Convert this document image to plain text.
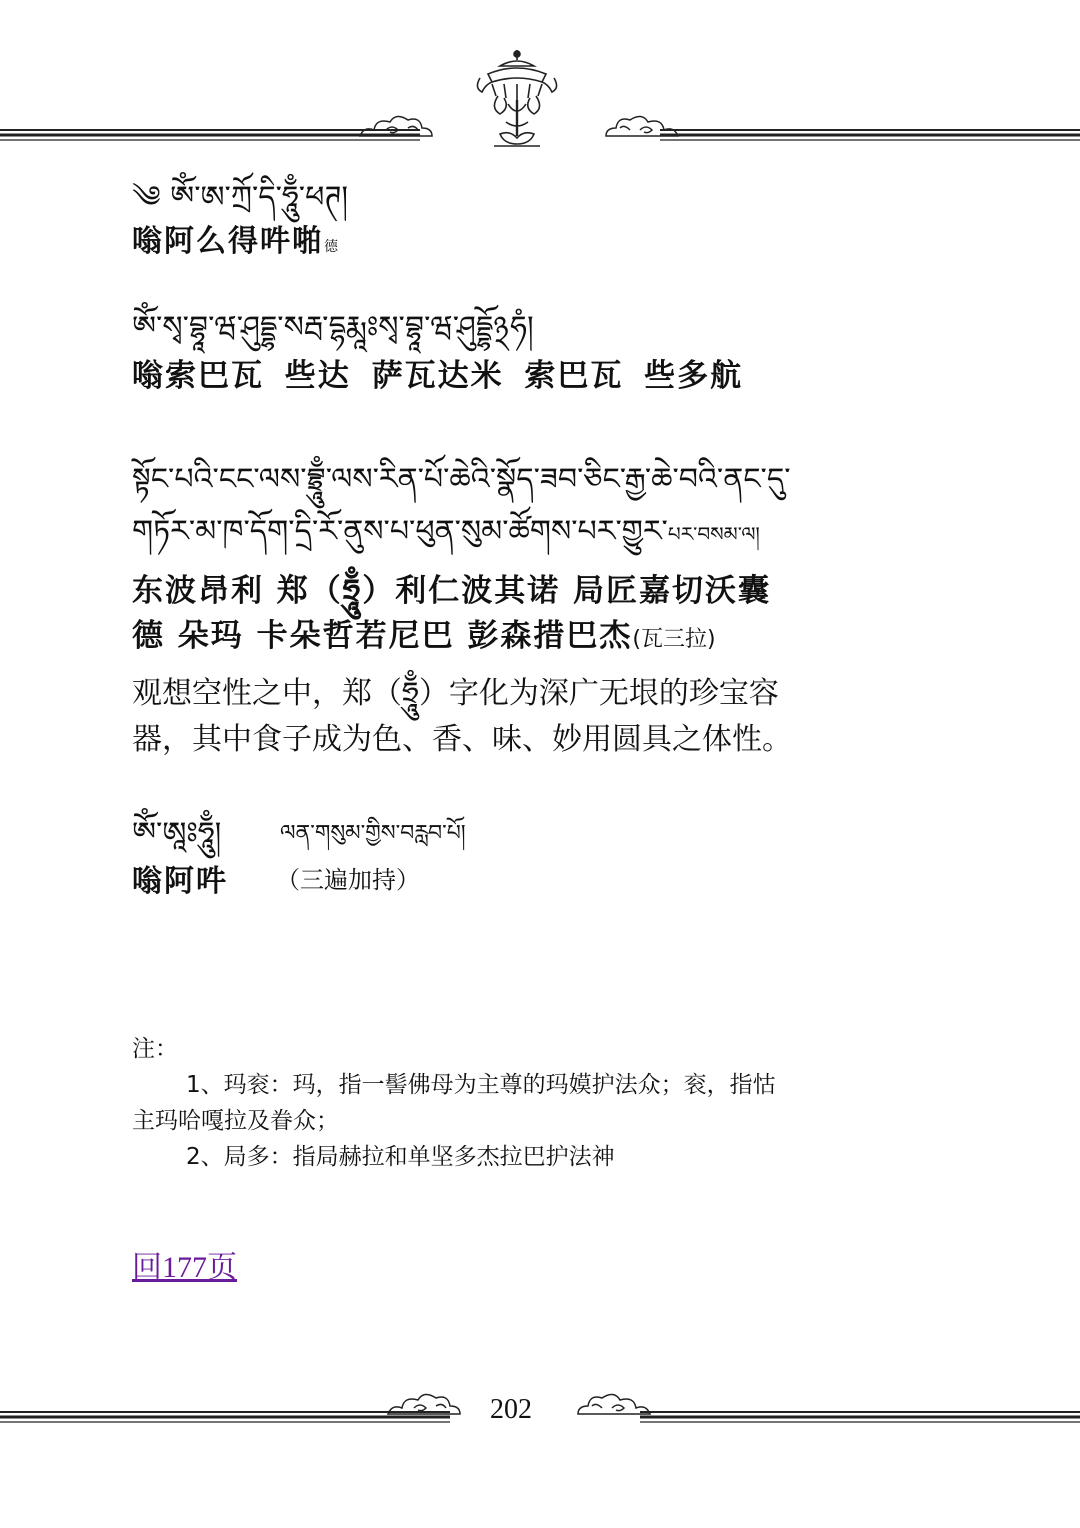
༄ ཨོཾ་ཨ་ཀྲོ་དི་ཧཱུྃ་ཕཊ།
嗡阿么得吽啪德
ཨོཾ་སྭ་བྷཱ་ཝ་ཤུདྡྷ་སརྦ་དྷརྨཱཿསྭ་བྷཱ་ཝ་ཤུདྡྷོ྅ཧཾ།
嗡索巴瓦 些达 萨瓦达米 索巴瓦 些多航
སྟོང་པའི་ངང་ལས་བྷྲཱུྃ་ལས་རིན་པོ་ཆེའི་སྣོད་ཟབ་ཅིང་རྒྱ་ཆེ་བའི་ནང་དུ་
གཏོར་མ་ཁ་དོག་དྲི་རོ་ནུས་པ་ཕུན་སུམ་ཚོགས་པར་གྱུར་པར་བསམ་ལ།
东波昂利 郑（ཧྲཱུྃ）利仁波其诺 局匠嘉切沃囊
德 朵玛 卡朵哲若尼巴 彭森措巴杰(瓦三拉)
观想空性之中，郑（ཧྲཱུྃ）字化为深广无垠的珍宝容
器，其中食子成为色、香、味、妙用圆具之体性。
ཨོཾ་ཨཱཿཧཱུྃ།	ལན་གསུམ་གྱིས་བརླབ་པོ།
嗡阿吽 （三遍加持）
注：
1、玛衮：玛，指一髻佛母为主尊的玛嫫护法众；衮，指怙
主玛哈嘎拉及眷众；
2、局多：指局赫拉和单坚多杰拉巴护法神
回177页
202
